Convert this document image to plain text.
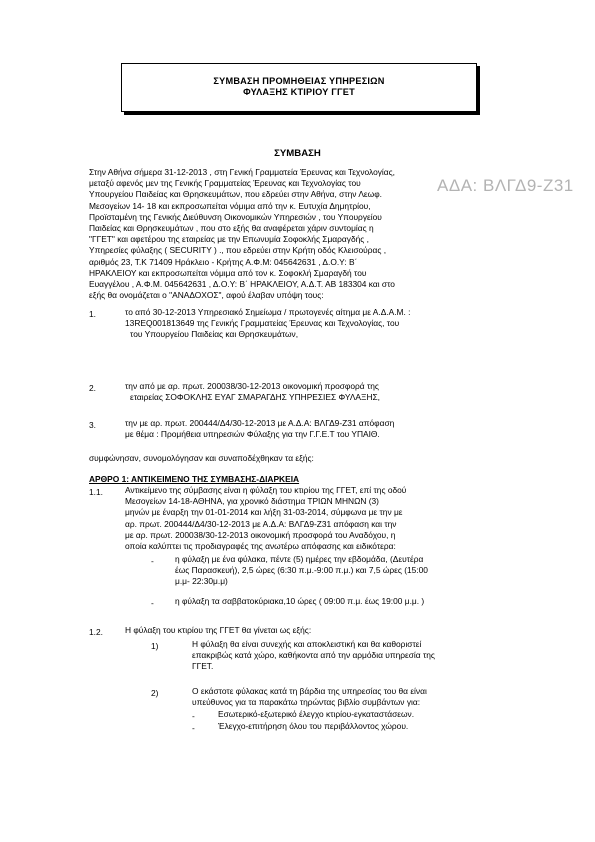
ΣΥΜΒΑΣΗ ΠΡΟΜΗΘΕΙΑΣ ΥΠΗΡΕΣΙΩΝ
ΦΥΛΑΞΗΣ ΚΤΙΡΙΟΥ ΓΓΕΤ
ΣΥΜΒΑΣΗ
Στην Αθήνα σήμερα 31-12-2013 , στη Γενική Γραμματεία Έρευνας και Τεχνολογίας,
μεταξύ αφενός μεν της Γενικής Γραμματείας Έρευνας και Τεχνολογίας του
Υπουργείου Παιδείας και Θρησκευμάτων, που εδρεύει στην Αθήνα, στην Λεωφ.
Μεσογείων 14- 18 και εκπροσωπείται νόμιμα από την κ. Ευτυχία Δημητρίου,
Προϊσταμένη της Γενικής Διεύθυνση Οικονομικών Υπηρεσιών , του Υπουργείου
Παιδείας και Θρησκευμάτων , που στο εξής θα αναφέρεται χάριν συντομίας η
"ΓΓΕΤ" και αφετέρου της εταιρείας με την Επωνυμία Σοφοκλής Σμαραγδής ,
Υπηρεσίες φύλαξης ( SECURITY ) ., που εδρεύει στην Κρήτη οδός Κλεισούρας ,
αριθμός 23, Τ.Κ 71409 Ηράκλειο - Κρήτης Α.Φ.Μ: 045642631 , Δ.Ο.Υ: Β΄
ΗΡΑΚΛΕΙΟΥ και εκπροσωπείται νόμιμα από τον κ. Σοφοκλή Σμαραγδή του
Ευαγγέλου , Α.Φ.Μ. 045642631 , Δ.Ο.Υ: Β΄ ΗΡΑΚΛΕΙΟΥ, Α.Δ.Τ. ΑΒ 183304 και στο
εξής θα ονομάζεται ο "ΑΝΑΔΟΧΟΣ", αφού έλαβαν υπόψη τους:
ΑΔΑ: ΒΛΓΔ9-Ζ31
1.	το από 30-12-2013 Υπηρεσιακό Σημείωμα / πρωτογενές αίτημα με Α.Δ.Α.Μ. :
13REQ001813649 της Γενικής Γραμματείας Έρευνας και Τεχνολογίας, του
του Υπουργείου Παιδείας και Θρησκευμάτων,
2.	την από με αρ. πρωτ. 200038/30-12-2013 οικονομική προσφορά της
εταιρείας ΣΟΦΟΚΛΗΣ ΕΥΑΓ ΣΜΑΡΑΓΔΗΣ ΥΠΗΡΕΣΙΕΣ ΦΥΛΑΞΗΣ,
3.	την με αρ. πρωτ. 200444/Δ4/30-12-2013 με Α.Δ.Α: ΒΛΓΔ9-Ζ31 απόφαση
με θέμα : Προμήθεια υπηρεσιών Φύλαξης για την Γ.Γ.Ε.Τ του ΥΠΑΙΘ.
συμφώνησαν, συνομολόγησαν και συναποδέχθηκαν τα εξής:
ΑΡΘΡΟ 1: ΑΝΤΙΚΕΙΜΕΝΟ ΤΗΣ ΣΥΜΒΑΣΗΣ-ΔΙΑΡΚΕΙΑ
1.1.	Αντικείμενο της σύμβασης είναι η φύλαξη του κτιρίου της ΓΓΕΤ, επί της οδού
Μεσογείων 14-18-ΑΘΗΝΑ, για χρονικό διάστημα ΤΡΙΩΝ ΜΗΝΩΝ (3)
μηνών με έναρξη την 01-01-2014 και λήξη 31-03-2014, σύμφωνα με την με
αρ. πρωτ. 200444/Δ4/30-12-2013 με Α.Δ.Α: ΒΛΓΔ9-Ζ31 απόφαση και την
με αρ. πρωτ. 200038/30-12-2013 οικονομική προσφορά του Αναδόχου, η
οποία καλύπτει τις προδιαγραφές της ανωτέρω απόφασης και ειδικότερα:
-	η φύλαξη με ένα φύλακα, πέντε (5) ημέρες την εβδομάδα, (Δευτέρα
έως Παρασκευή), 2,5 ώρες (6:30 π.μ.-9:00 π.μ.) και 7,5 ώρες (15:00
μ.μ- 22:30μ.μ)
-	η φύλαξη τα σαββατοκύριακα,10 ώρες ( 09:00 π.μ. έως 19:00 μ.μ. )
1.2.	Η φύλαξη του κτιρίου της ΓΓΕΤ θα γίνεται ως εξής:
1)	Η φύλαξη θα είναι συνεχής και αποκλειστική και θα καθοριστεί
επακριβώς κατά χώρο, καθήκοντα από την αρμόδια υπηρεσία της
ΓΓΕΤ.
2)	Ο εκάστοτε φύλακας κατά τη βάρδια της υπηρεσίας του θα είναι
υπεύθυνος για τα παρακάτω τηρώντας βιβλίο συμβάντων για:
-	Εσωτερικό-εξωτερικό έλεγχο κτιρίου-εγκαταστάσεων.
-	Έλεγχο-επιτήρηση όλου του περιβάλλοντος χώρου.
